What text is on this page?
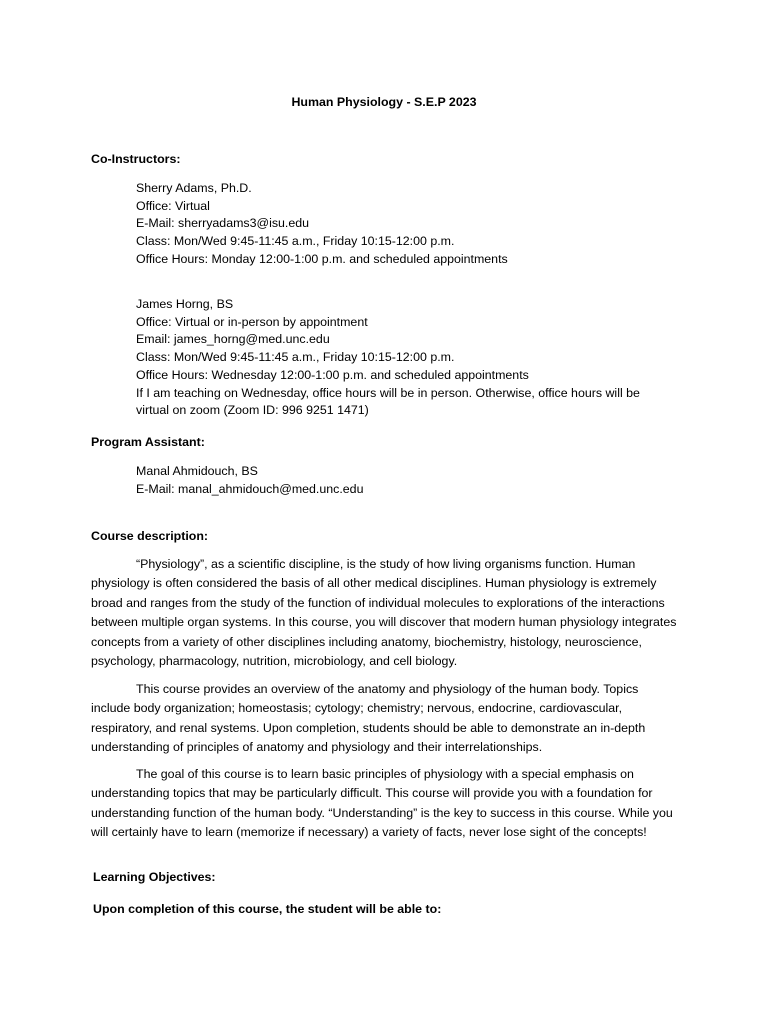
Human Physiology - S.E.P 2023
Co-Instructors:
Sherry Adams, Ph.D.
Office: Virtual
E-Mail: sherryadams3@isu.edu
Class: Mon/Wed 9:45-11:45 a.m., Friday 10:15-12:00 p.m.
Office Hours: Monday 12:00-1:00 p.m. and scheduled appointments
James Horng, BS
Office: Virtual or in-person by appointment
Email: james_horng@med.unc.edu
Class: Mon/Wed 9:45-11:45 a.m., Friday 10:15-12:00 p.m.
Office Hours: Wednesday 12:00-1:00 p.m. and scheduled appointments
If I am teaching on Wednesday, office hours will be in person. Otherwise, office hours will be
virtual on zoom (Zoom ID: 996 9251 1471)
Program Assistant:
Manal Ahmidouch, BS
E-Mail: manal_ahmidouch@med.unc.edu
Course description:
“Physiology”, as a scientific discipline, is the study of how living organisms function. Human physiology is often considered the basis of all other medical disciplines. Human physiology is extremely broad and ranges from the study of the function of individual molecules to explorations of the interactions between multiple organ systems. In this course, you will discover that modern human physiology integrates concepts from a variety of other disciplines including anatomy, biochemistry, histology, neuroscience, psychology, pharmacology, nutrition, microbiology, and cell biology.
This course provides an overview of the anatomy and physiology of the human body. Topics include body organization; homeostasis; cytology; chemistry; nervous, endocrine, cardiovascular, respiratory, and renal systems. Upon completion, students should be able to demonstrate an in-depth understanding of principles of anatomy and physiology and their interrelationships.
The goal of this course is to learn basic principles of physiology with a special emphasis on understanding topics that may be particularly difficult. This course will provide you with a foundation for understanding function of the human body. “Understanding” is the key to success in this course. While you will certainly have to learn (memorize if necessary) a variety of facts, never lose sight of the concepts!
Learning Objectives:
Upon completion of this course, the student will be able to:
